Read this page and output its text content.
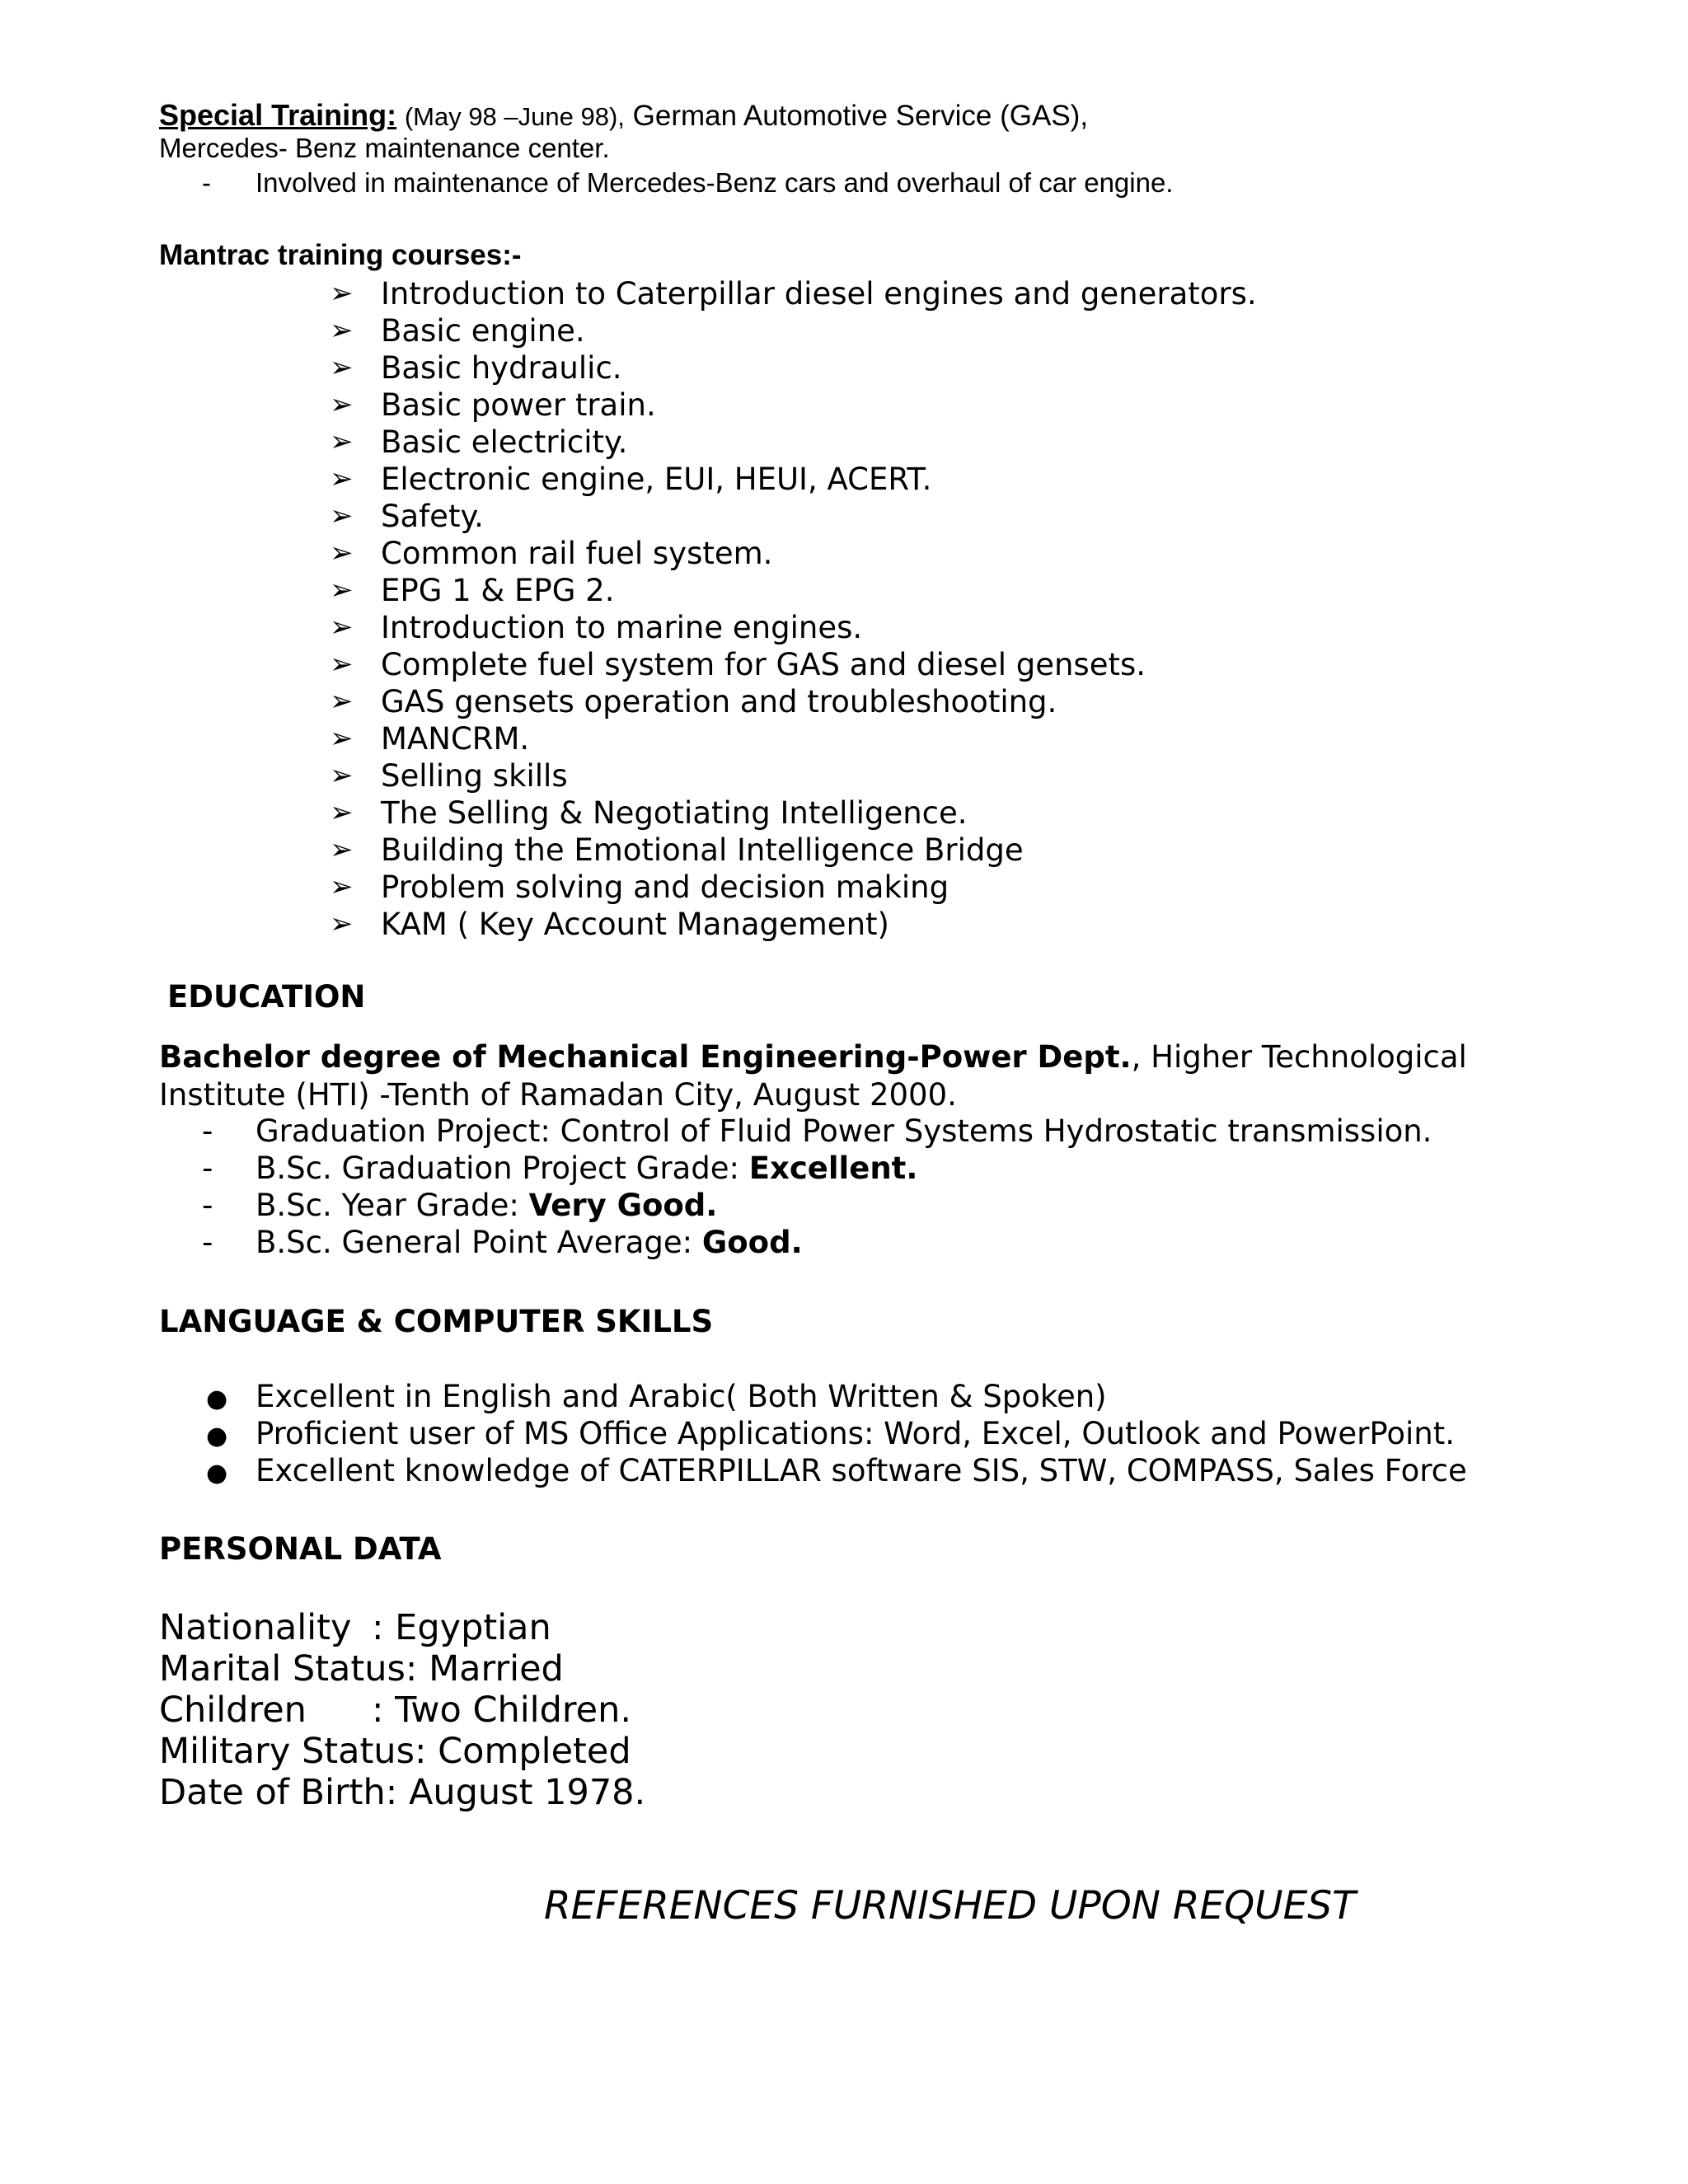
Special Training: (May 98 –June 98), German Automotive Service (GAS),
Mercedes- Benz maintenance center.
- Involved in maintenance of Mercedes-Benz cars and overhaul of car engine.
Mantrac training courses:-
➢ Introduction to Caterpillar diesel engines and generators.
➢ Basic engine.
➢ Basic hydraulic.
➢ Basic power train.
➢ Basic electricity.
➢ Electronic engine, EUI, HEUI, ACERT.
➢ Safety.
➢ Common rail fuel system.
➢ EPG 1 & EPG 2.
➢ Introduction to marine engines.
➢ Complete fuel system for GAS and diesel gensets.
➢ GAS gensets operation and troubleshooting.
➢ MANCRM.
➢ Selling skills
➢ The Selling & Negotiating Intelligence.
➢ Building the Emotional Intelligence Bridge
➢ Problem solving and decision making
➢ KAM ( Key Account Management)
EDUCATION
Bachelor degree of Mechanical Engineering-Power Dept., Higher Technological Institute (HTI) -Tenth of Ramadan City, August 2000.
- Graduation Project: Control of Fluid Power Systems Hydrostatic transmission.
- B.Sc. Graduation Project Grade: Excellent.
- B.Sc. Year Grade: Very Good.
- B.Sc. General Point Average: Good.
LANGUAGE & COMPUTER SKILLS
● Excellent in English and Arabic( Both Written & Spoken)
● Proficient user of MS Office Applications: Word, Excel, Outlook and PowerPoint.
● Excellent knowledge of CATERPILLAR software SIS, STW, COMPASS, Sales Force
PERSONAL DATA
Nationality : Egyptian
Marital Status : Married
Children	: Two Children.
Military Status : Completed
Date of Birth : August 1978.
REFERENCES FURNISHED UPON REQUEST
